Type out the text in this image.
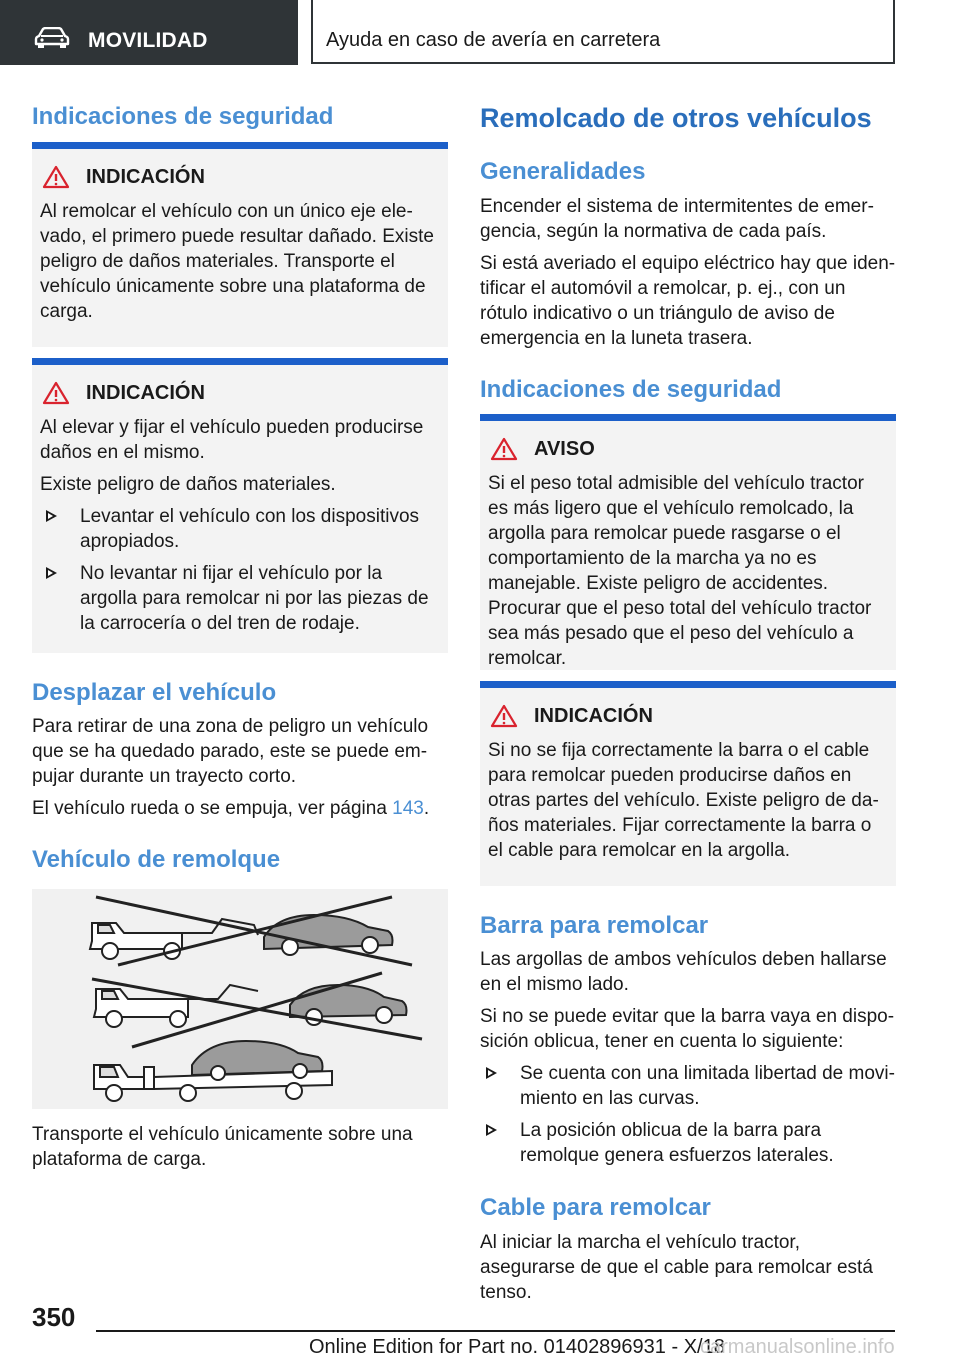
MOVILIDAD	Ayuda en caso de avería en carretera
Indicaciones de seguridad
INDICACIÓN

Al remolcar el vehículo con un único eje elevado, el primero puede resultar dañado. Existe peligro de daños materiales. Transporte el vehículo únicamente sobre una plataforma de carga.

INDICACIÓN

Al elevar y fijar el vehículo pueden producirse daños en el mismo.

Existe peligro de daños materiales.

Levantar el vehículo con los dispositivos apropiados.
No levantar ni fijar el vehículo por la argolla para remolcar ni por las piezas de la carrocería o del tren de rodaje.
Desplazar el vehículo

Para retirar de una zona de peligro un vehículo que se ha quedado parado, este se puede empujar durante un trayecto corto.

El vehículo rueda o se empuja, ver página 143.

Vehículo de remolque

Transporte el vehículo únicamente sobre una plataforma de carga.

Remolcado de otros vehículos
Generalidades

Encender el sistema de intermitentes de emergencia, según la normativa de cada país.

Si está averiado el equipo eléctrico hay que identificar el automóvil a remolcar, p. ej., con un rótulo indicativo o un triángulo de aviso de emergencia en la luneta trasera.

Indicaciones de seguridad
AVISO

Si el peso total admisible del vehículo tractor es más ligero que el vehículo remolcado, la argolla para remolcar puede rasgarse o el comportamiento de la marcha ya no es manejable. Existe peligro de accidentes. Procurar que el peso total del vehículo tractor sea más pesado que el peso del vehículo a remolcar.

INDICACIÓN

Si no se fija correctamente la barra o el cable para remolcar pueden producirse daños en otras partes del vehículo. Existe peligro de daños materiales. Fijar correctamente la barra o el cable para remolcar en la argolla.

Barra para remolcar

Las argollas de ambos vehículos deben hallarse en el mismo lado.

Si no se puede evitar que la barra vaya en disposición oblicua, tener en cuenta lo siguiente:

Se cuenta con una limitada libertad de movimiento en las curvas.
La posición oblicua de la barra para remolque genera esfuerzos laterales.
Cable para remolcar

Al iniciar la marcha el vehículo tractor, asegurarse de que el cable para remolcar está tenso.

350
Online Edition for Part no. 01402896931 - X/18
carmanualsonline.info
